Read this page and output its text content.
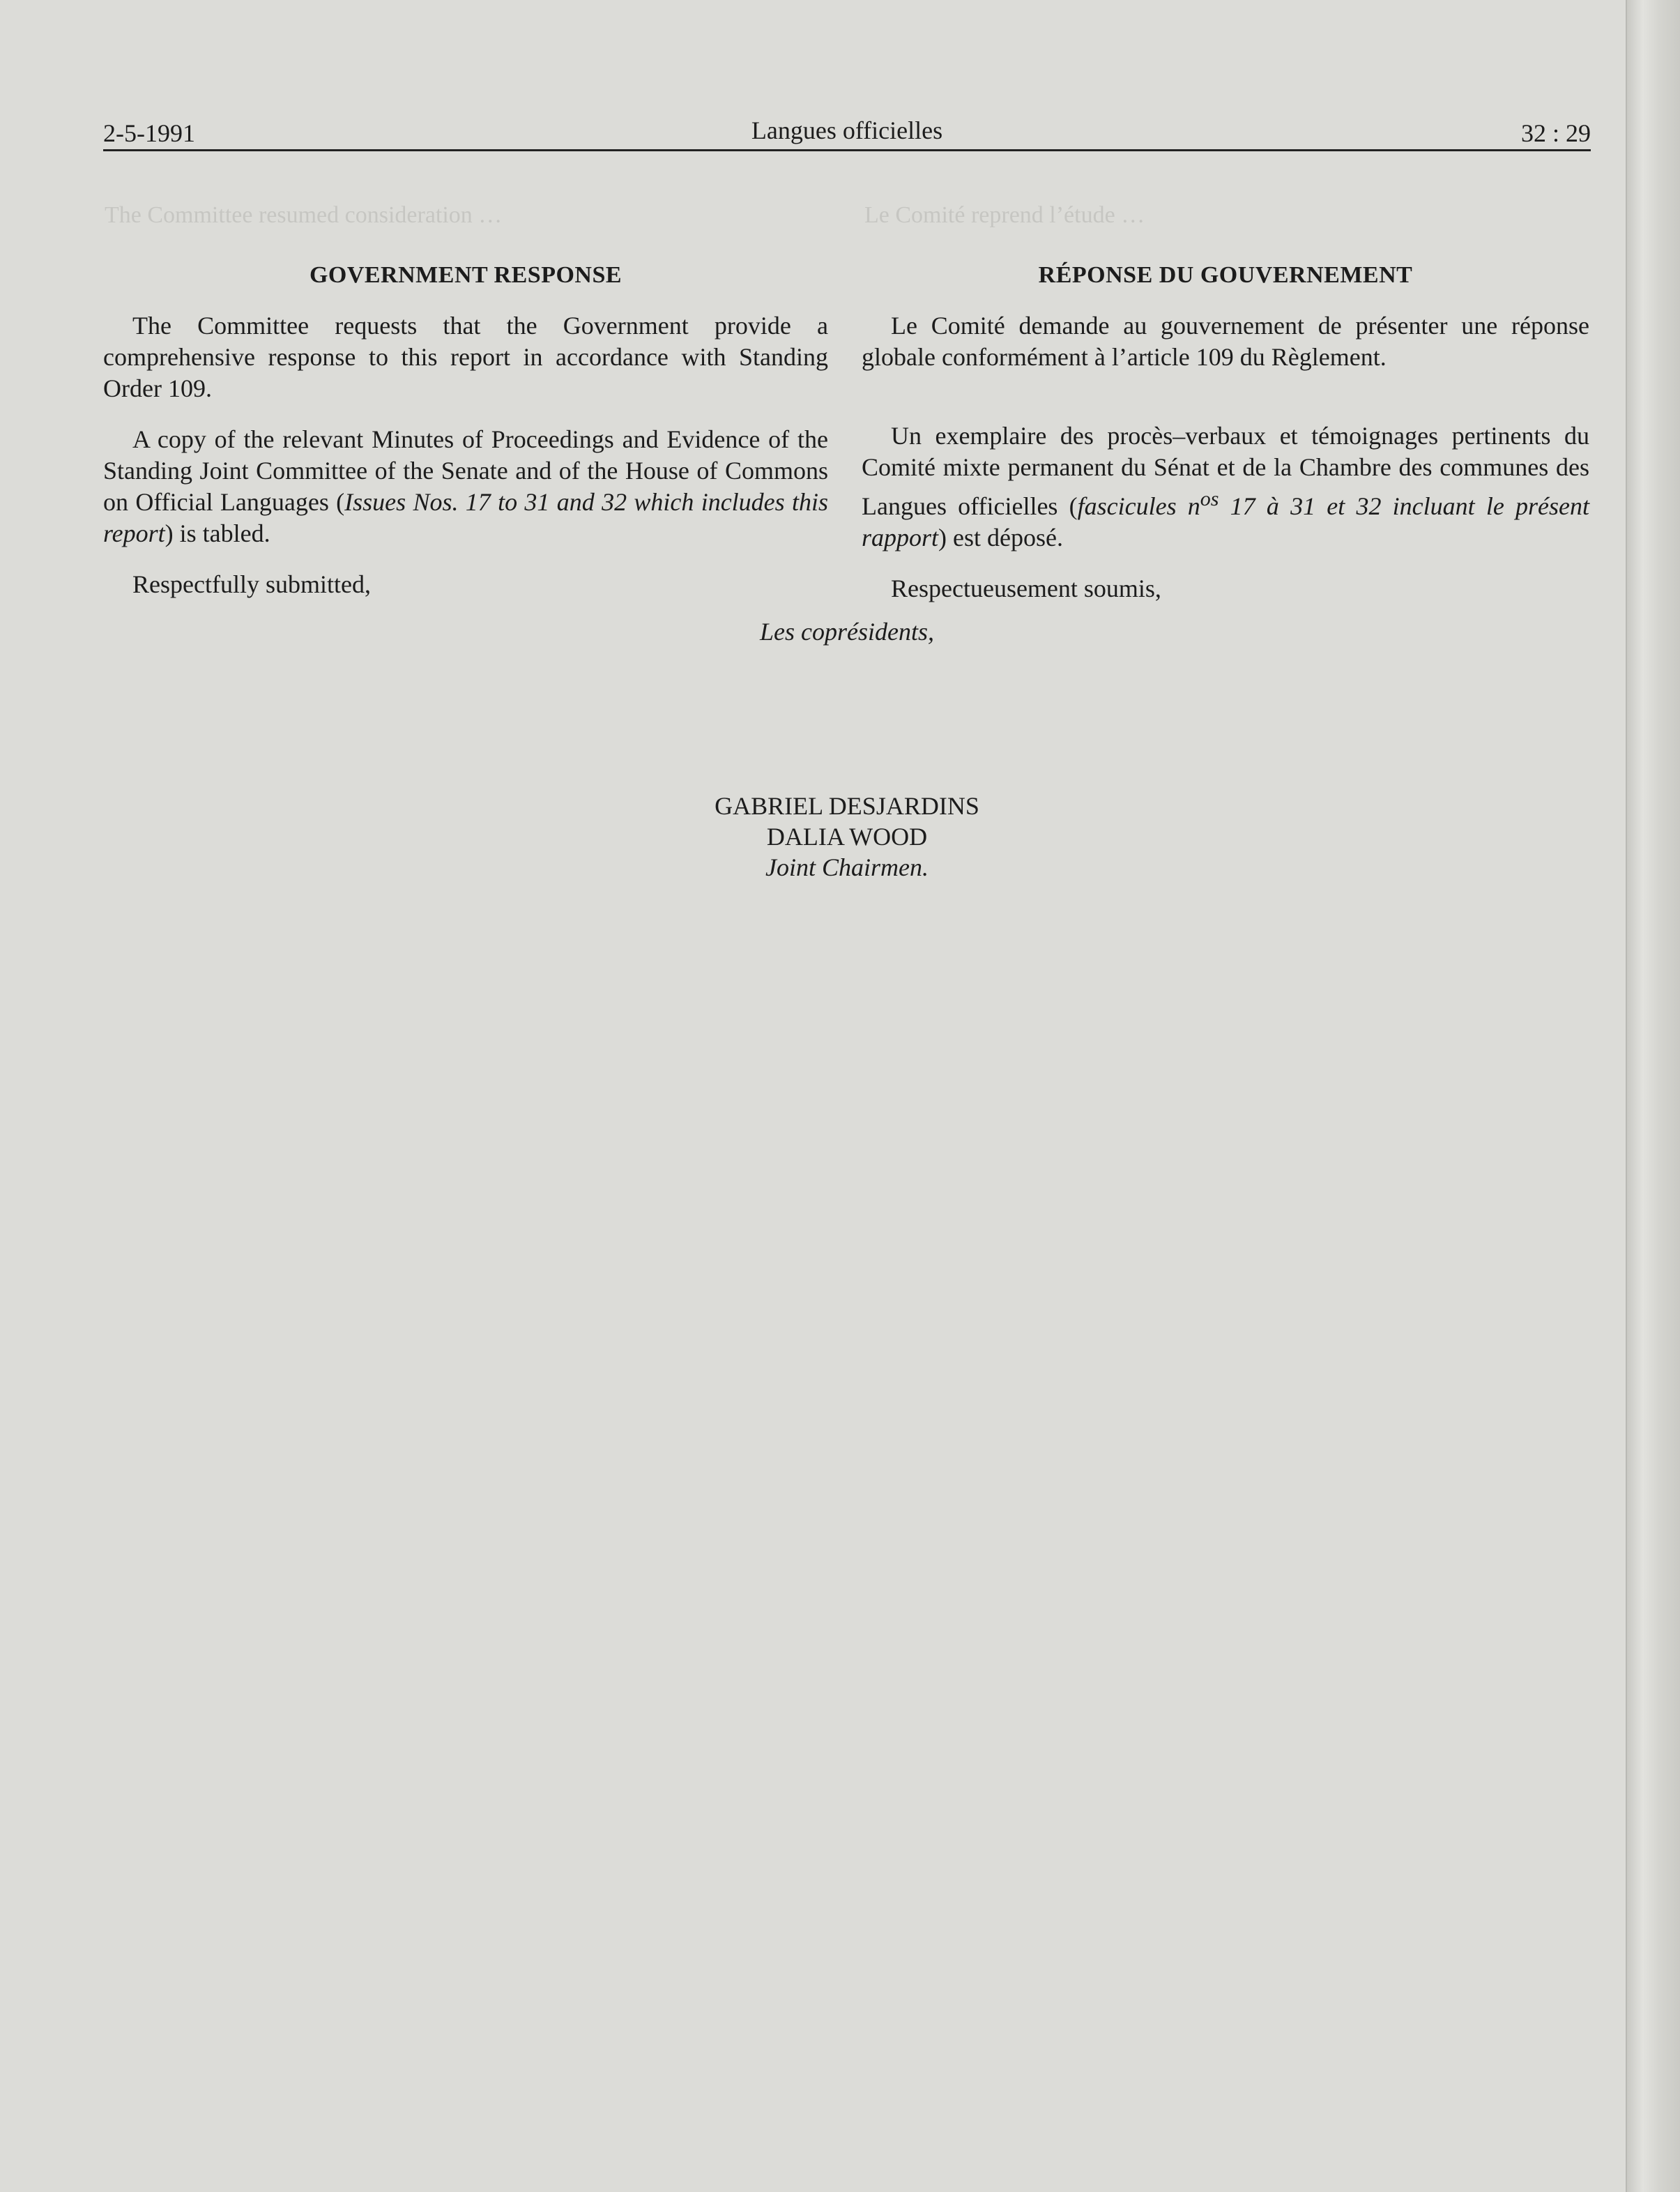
The Committee resumed consideration …	Le Comité reprend l’étude …
2-5-1991	Langues officielles	32 : 29
GOVERNMENT RESPONSE

The Committee requests that the Government provide a comprehensive response to this report in accordance with Standing Order 109.

A copy of the relevant Minutes of Proceedings and Evidence of the Standing Joint Committee of the Senate and of the House of Commons on Official Languages (Issues Nos. 17 to 31 and 32 which includes this report) is tabled.

Respectfully submitted,

RÉPONSE DU GOUVERNEMENT

Le Comité demande au gouvernement de présenter une réponse globale conformément à l’article 109 du Règlement.

Un exemplaire des procès–verbaux et témoignages pertinents du Comité mixte permanent du Sénat et de la Chambre des communes des Langues officielles (fascicules $n^{os}$ 17 à 31 et 32 incluant le présent rapport) est déposé.

Respectueusement soumis,

Les coprésidents,
GABRIEL DESJARDINS
DALIA WOOD
Joint Chairmen.
